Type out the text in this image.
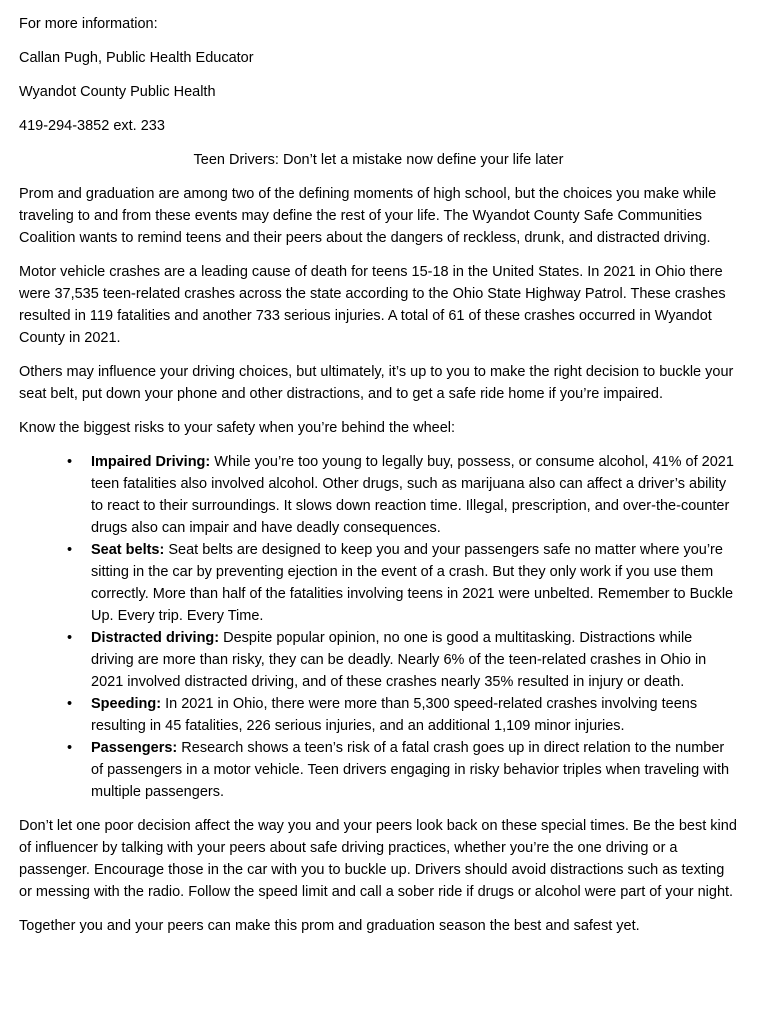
For more information:

Callan Pugh, Public Health Educator

Wyandot County Public Health

419-294-3852 ext. 233

Teen Drivers: Don’t let a mistake now define your life later

Prom and graduation are among two of the defining moments of high school, but the choices you make while traveling to and from these events may define the rest of your life. The Wyandot County Safe Communities Coalition wants to remind teens and their peers about the dangers of reckless, drunk, and distracted driving.

Motor vehicle crashes are a leading cause of death for teens 15-18 in the United States. In 2021 in Ohio there were 37,535 teen-related crashes across the state according to the Ohio State Highway Patrol. These crashes resulted in 119 fatalities and another 733 serious injuries. A total of 61 of these crashes occurred in Wyandot County in 2021.

Others may influence your driving choices, but ultimately, it’s up to you to make the right decision to buckle your seat belt, put down your phone and other distractions, and to get a safe ride home if you’re impaired.

Know the biggest risks to your safety when you’re behind the wheel:

• Impaired Driving: While you’re too young to legally buy, possess, or consume alcohol, 41% of 2021 teen fatalities also involved alcohol. Other drugs, such as marijuana also can affect a driver’s ability to react to their surroundings. It slows down reaction time. Illegal, prescription, and over-the-counter drugs also can impair and have deadly consequences.
• Seat belts: Seat belts are designed to keep you and your passengers safe no matter where you’re sitting in the car by preventing ejection in the event of a crash. But they only work if you use them correctly. More than half of the fatalities involving teens in 2021 were unbelted. Remember to Buckle Up. Every trip. Every Time.
• Distracted driving: Despite popular opinion, no one is good a multitasking. Distractions while driving are more than risky, they can be deadly. Nearly 6% of the teen-related crashes in Ohio in 2021 involved distracted driving, and of these crashes nearly 35% resulted in injury or death.
• Speeding: In 2021 in Ohio, there were more than 5,300 speed-related crashes involving teens resulting in 45 fatalities, 226 serious injuries, and an additional 1,109 minor injuries.
• Passengers: Research shows a teen’s risk of a fatal crash goes up in direct relation to the number of passengers in a motor vehicle. Teen drivers engaging in risky behavior triples when traveling with multiple passengers.

Don’t let one poor decision affect the way you and your peers look back on these special times. Be the best kind of influencer by talking with your peers about safe driving practices, whether you’re the one driving or a passenger. Encourage those in the car with you to buckle up. Drivers should avoid distractions such as texting or messing with the radio. Follow the speed limit and call a sober ride if drugs or alcohol were part of your night.

Together you and your peers can make this prom and graduation season the best and safest yet.
